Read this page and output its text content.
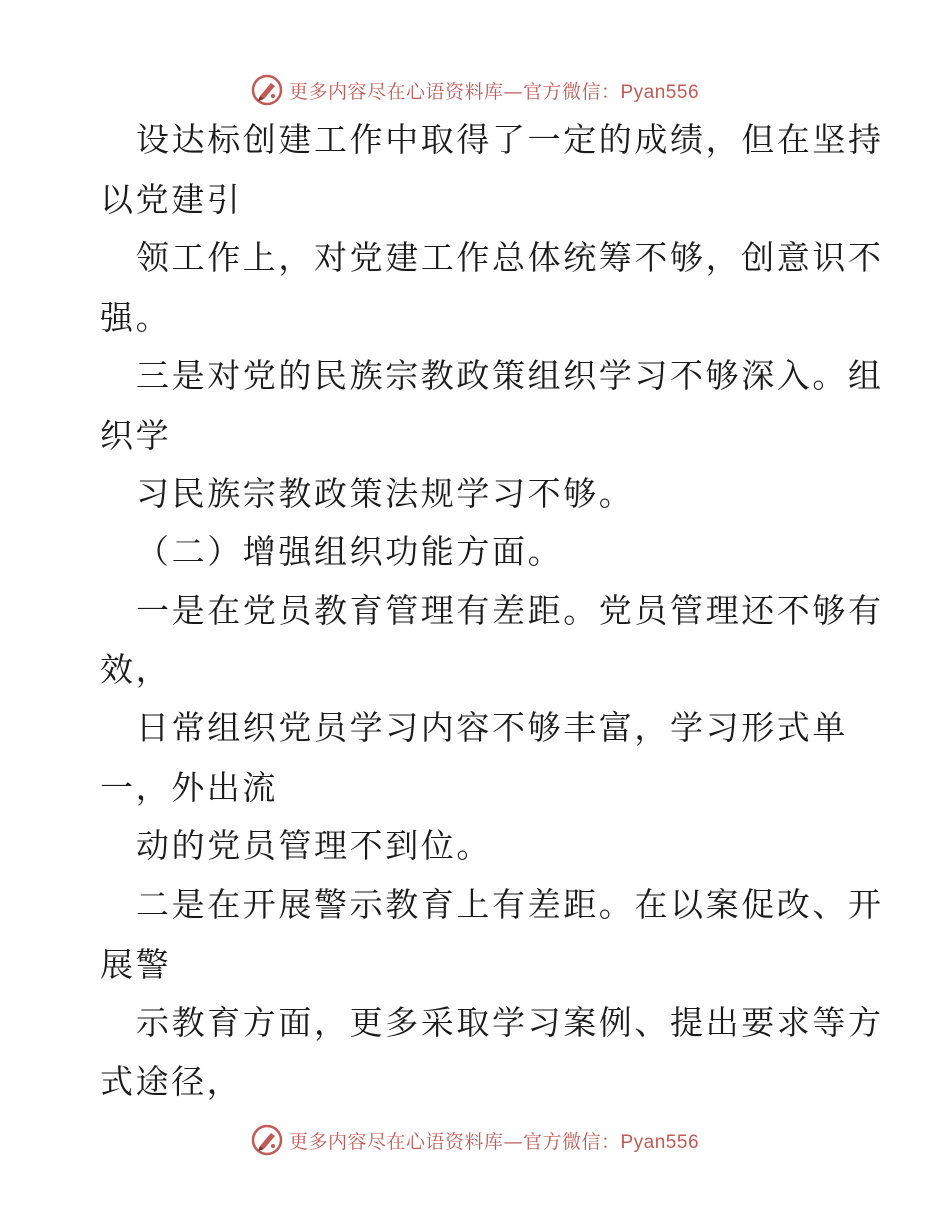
更多内容尽在心语资料库—官方微信：Pyan556
设达标创建工作中取得了一定的成绩，但在坚持
以党建引
领工作上，对党建工作总体统筹不够，创意识不
强。
三是对党的民族宗教政策组织学习不够深入。组
织学
习民族宗教政策法规学习不够。
（二）增强组织功能方面。
一是在党员教育管理有差距。党员管理还不够有
效，
日常组织党员学习内容不够丰富，学习形式单
一，外出流
动的党员管理不到位。
二是在开展警示教育上有差距。在以案促改、开
展警
示教育方面，更多采取学习案例、提出要求等方
式途径，
更多内容尽在心语资料库—官方微信：Pyan556
